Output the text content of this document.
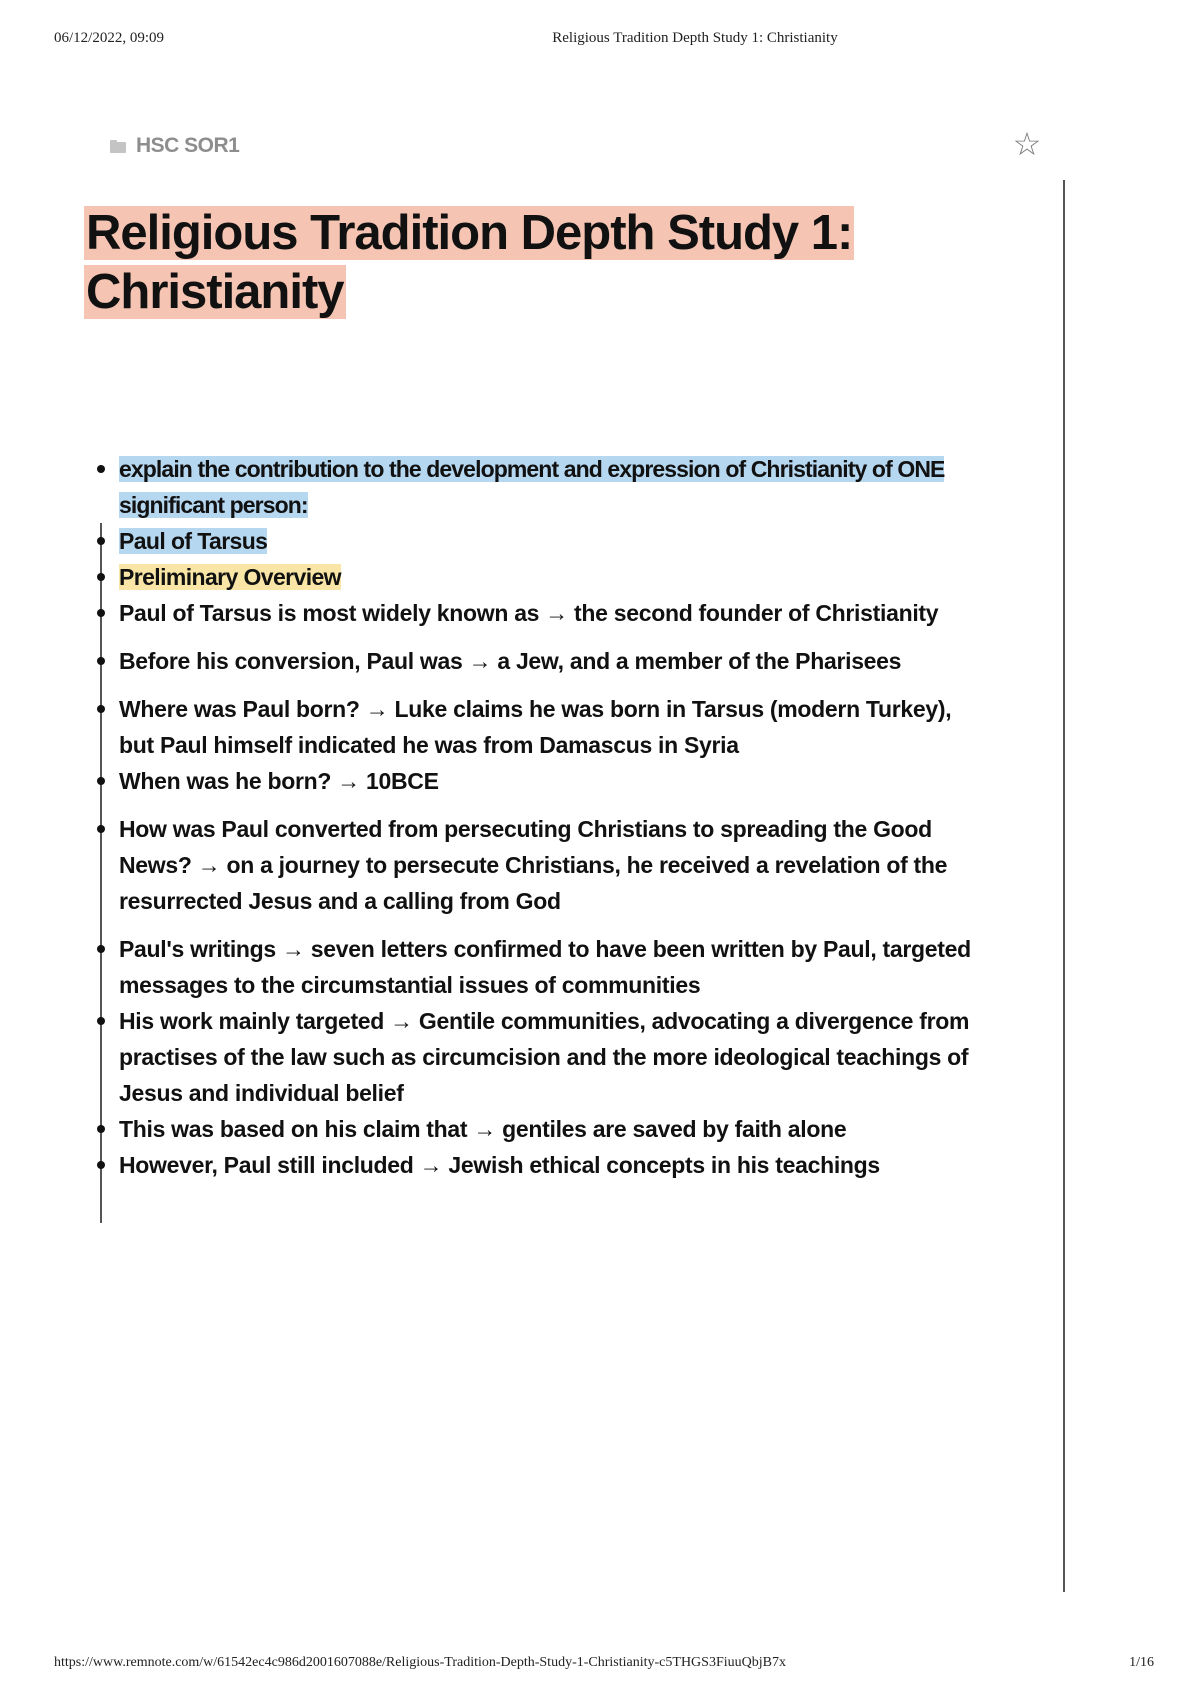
06/12/2022, 09:09	Religious Tradition Depth Study 1: Christianity
HSC SOR1	☆
Religious Tradition Depth Study 1: Christianity
explain the contribution to the development and expression of Christianity of ONE significant person:
Paul of Tarsus
Preliminary Overview
Paul of Tarsus is most widely known as → the second founder of Christianity
Before his conversion, Paul was → a Jew, and a member of the Pharisees
Where was Paul born? → Luke claims he was born in Tarsus (modern Turkey), but Paul himself indicated he was from Damascus in Syria
When was he born? → 10BCE
How was Paul converted from persecuting Christians to spreading the Good News? → on a journey to persecute Christians, he received a revelation of the resurrected Jesus and a calling from God
Paul's writings → seven letters confirmed to have been written by Paul, targeted messages to the circumstantial issues of communities
His work mainly targeted → Gentile communities, advocating a divergence from practises of the law such as circumcision and the more ideological teachings of Jesus and individual belief
This was based on his claim that → gentiles are saved by faith alone
However, Paul still included → Jewish ethical concepts in his teachings
https://www.remnote.com/w/61542ec4c986d2001607088e/Religious-Tradition-Depth-Study-1-Christianity-c5THGS3FiuuQbjB7x	1/16
